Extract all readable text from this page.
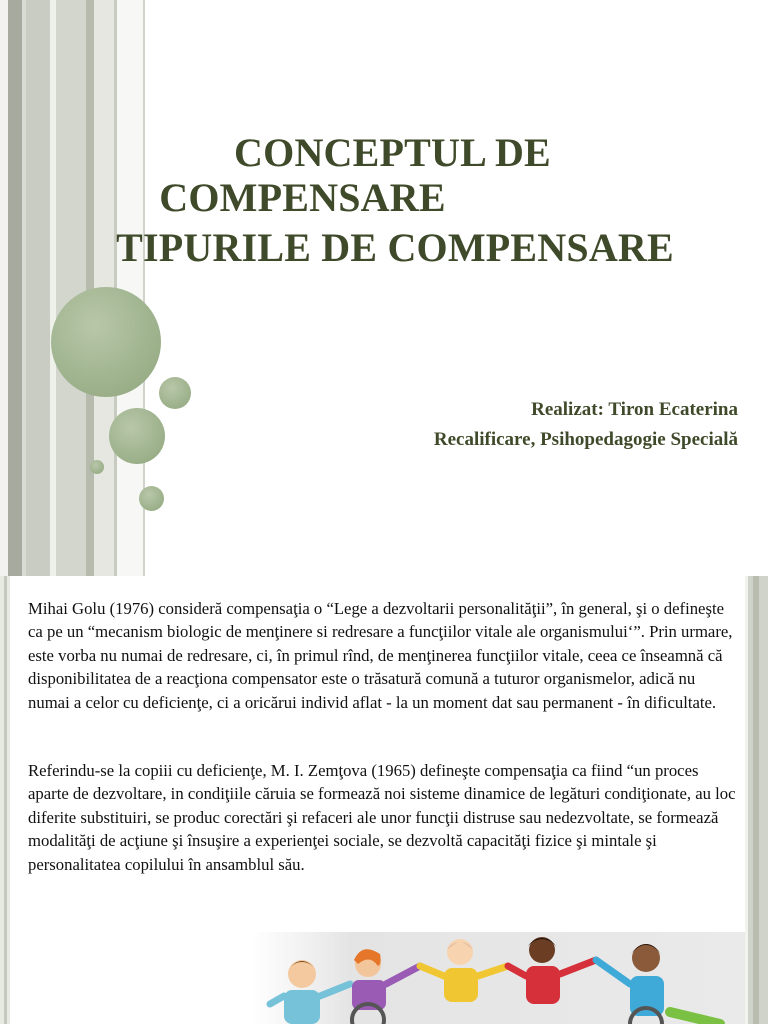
CONCEPTUL DE
COMPENSARE
TIPURILE DE COMPENSARE
Realizat: Tiron Ecaterina
Recalificare, Psihopedagogie Specială

Mihai Golu (1976) consideră compensaţia o “Lege a dezvoltarii personalităţii”, în general, şi o defineşte ca pe un “mecanism biologic de menţinere si redresare a funcţiilor vitale ale organismului‘”. Prin urmare, este vorba nu numai de redresare, ci, în primul rînd, de menţinerea funcţiilor vitale, ceea ce înseamnă că disponibilitatea de a reacţiona compensator este o trăsatură comună a tuturor organismelor, adică nu numai a celor cu deficienţe, ci a oricărui individ aflat - la un moment dat sau permanent - în dificultate.

Referindu-se la copiii cu deficienţe, M. I. Zemţova (1965) defineşte compensaţia ca fiind “un proces aparte de dezvoltare, in condiţiile căruia se formează noi sisteme dinamice de legături condiţionate, au loc diferite substituiri, se produc corectări şi refaceri ale unor funcţii distruse sau nedezvoltate, se formează modalităţi de acţiune şi însuşire a experienţei sociale, se dezvoltă capacităţi fizice şi mintale şi personalitatea copilului în ansamblul său.
